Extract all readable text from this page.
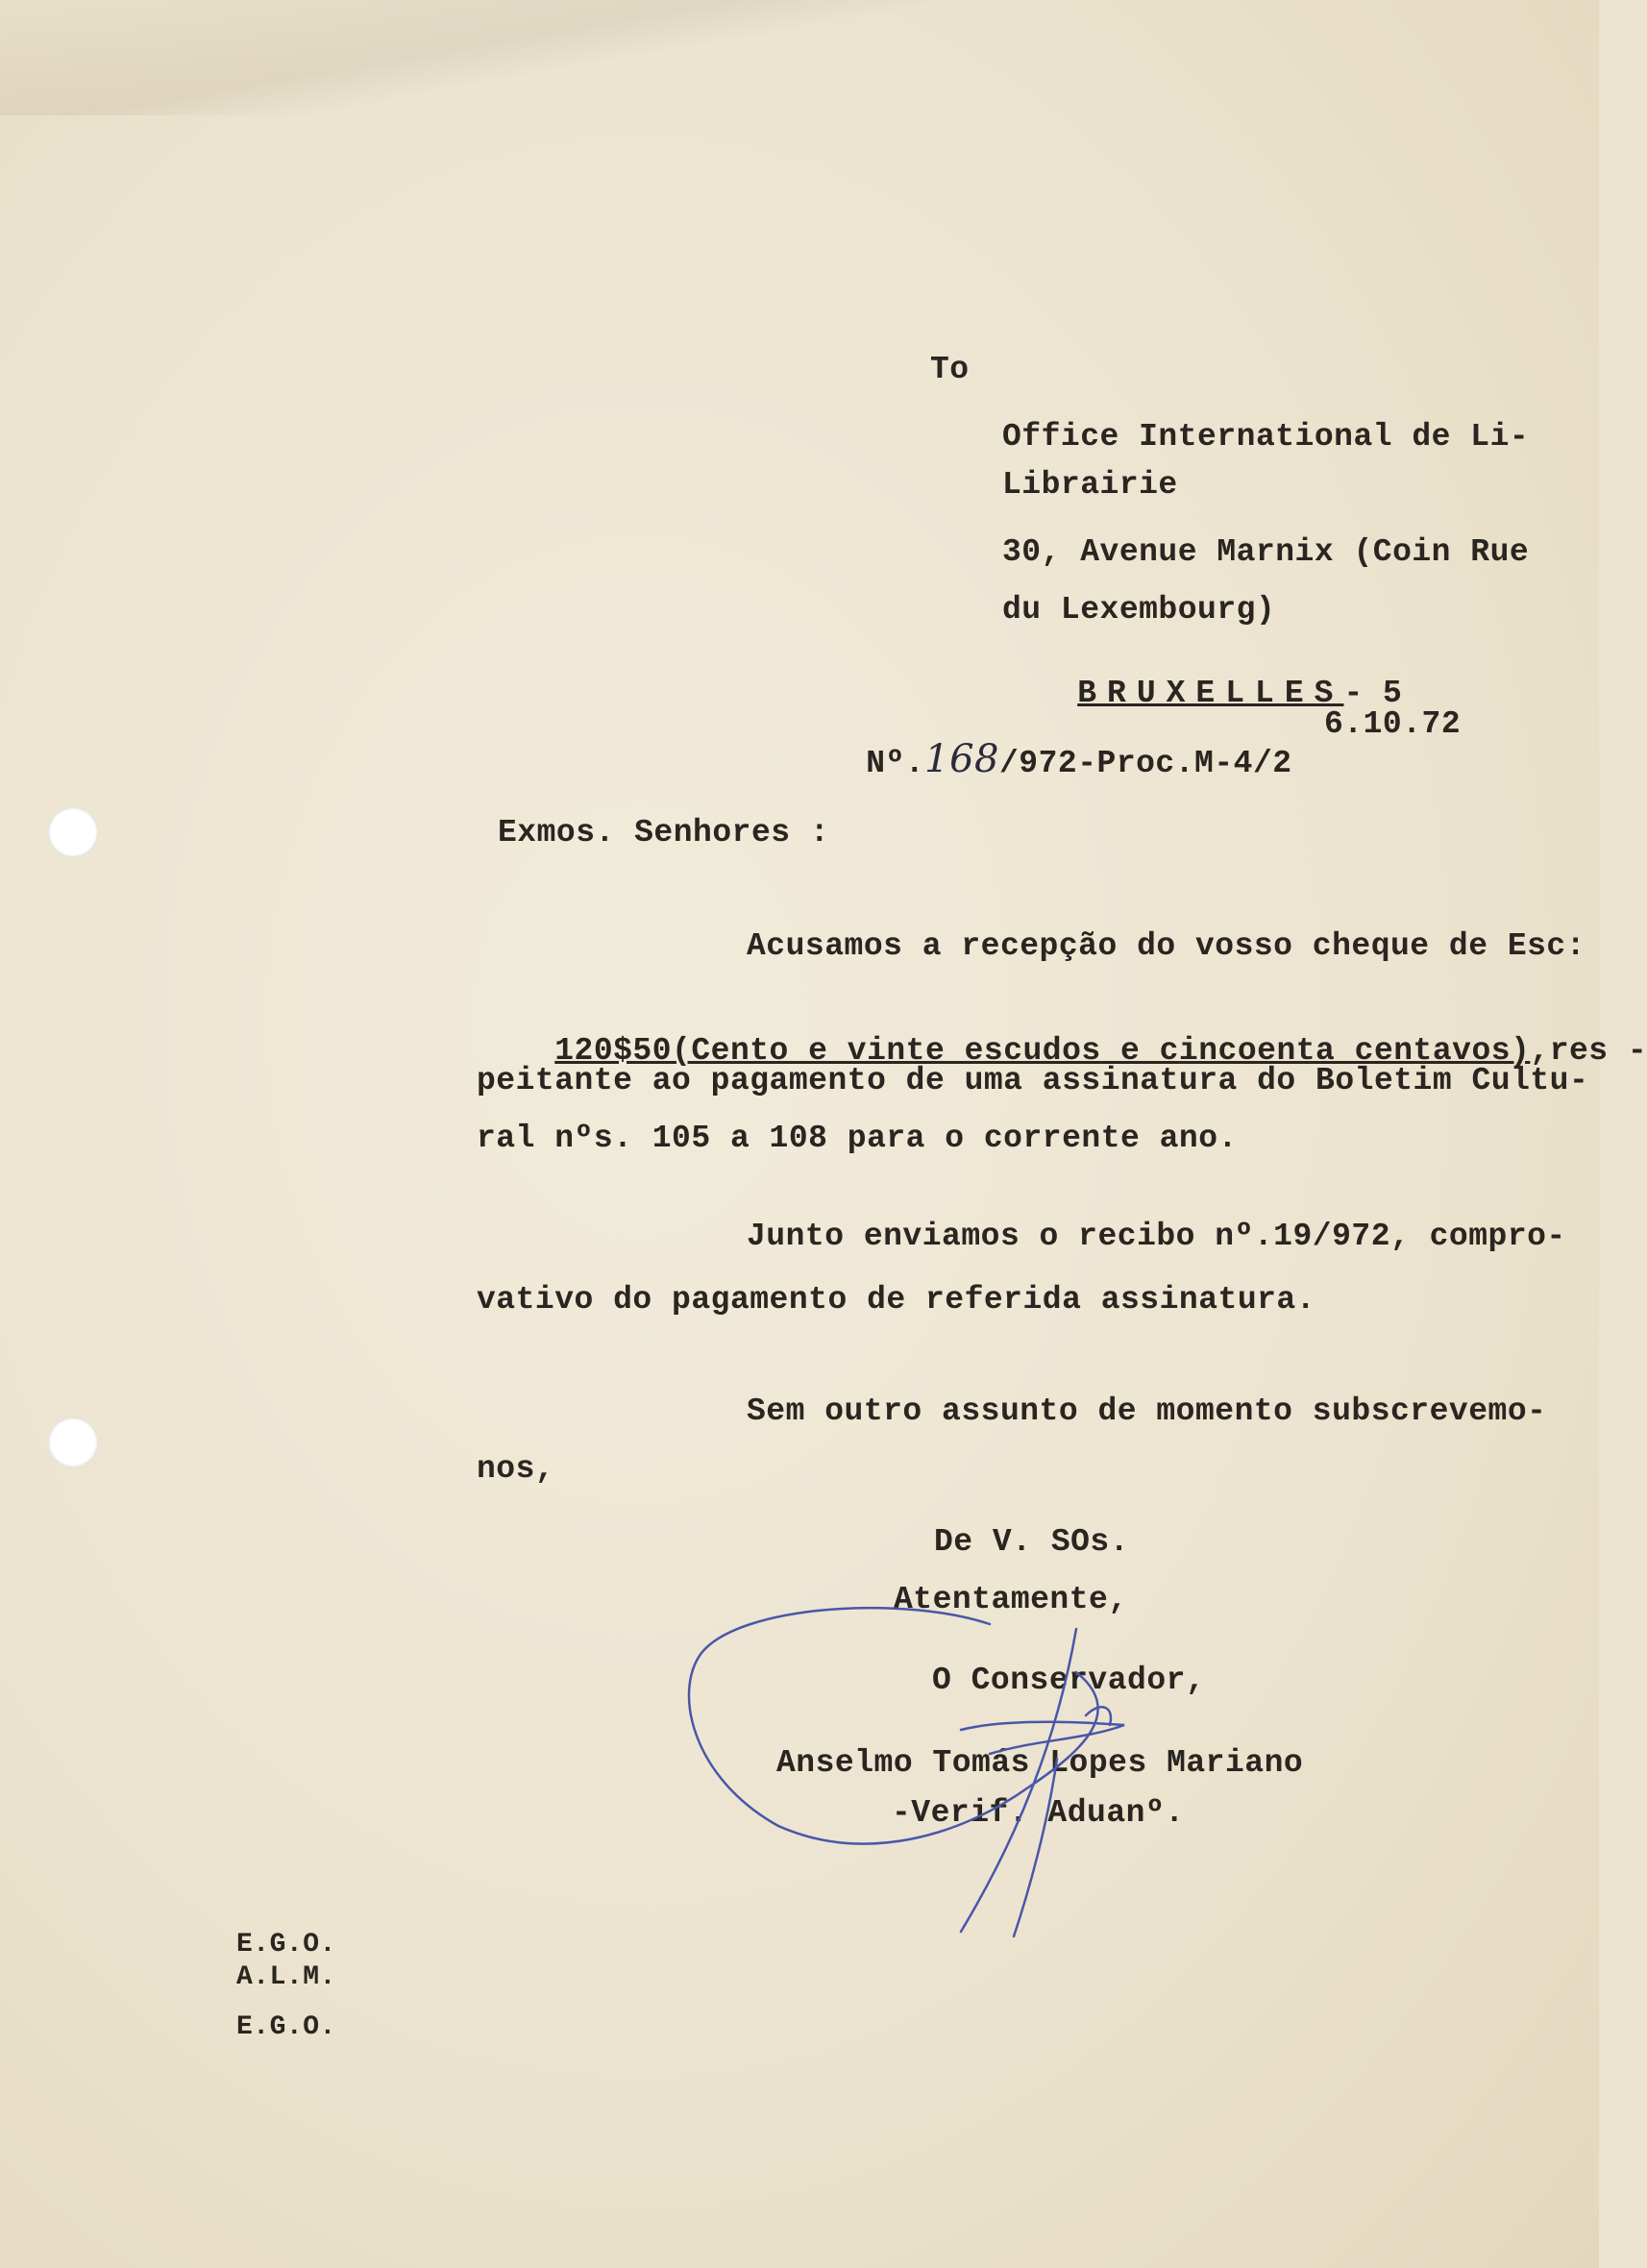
To
Office International de Li-
Librairie
30, Avenue Marnix (Coin Rue
du Lexembourg)

BRUXELLES- 5

Nº.168/972-Proc.M-4/2

6.10.72
Exmos. Senhores :
Acusamos a recepção do vosso cheque de Esc:

120$50(Cento e vinte escudos e cincoenta centavos),res -

peitante ao pagamento de uma assinatura do Boletim Cultu-
ral nºs. 105 a 108 para o corrente ano.
Junto enviamos o recibo nº.19/972, compro-
vativo do pagamento de referida assinatura.
Sem outro assunto de momento subscrevemo-
nos,
De V. SOs.
Atentamente,
O Conservador,
Anselmo Tomás Lopes Mariano
-Verif. Aduanº.
E.G.O.
A.L.M.
E.G.O.
